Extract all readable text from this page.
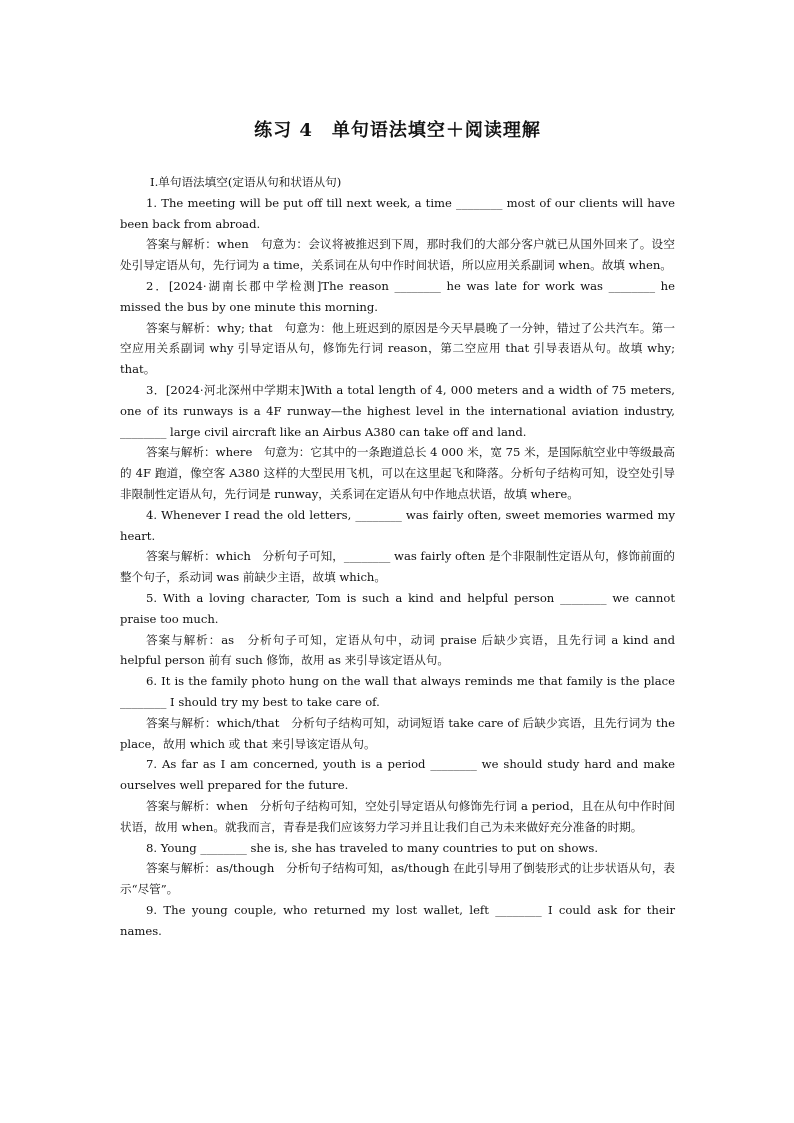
练习 4　单句语法填空＋阅读理解
Ⅰ.单句语法填空(定语从句和状语从句)
1. The meeting will be put off till next week, a time ________ most of our clients will have been back from abroad.
答案与解析：when　句意为：会议将被推迟到下周，那时我们的大部分客户就已从国外回来了。设空处引导定语从句，先行词为 a time，关系词在从句中作时间状语，所以应用关系副词 when。故填 when。
2．[2024·湖南长郡中学检测]The reason ________ he was late for work was ________ he missed the bus by one minute this morning.
答案与解析：why; that　句意为：他上班迟到的原因是今天早晨晚了一分钟，错过了公共汽车。第一空应用关系副词 why 引导定语从句，修饰先行词 reason，第二空应用 that 引导表语从句。故填 why; that。
3．[2024·河北深州中学期末]With a total length of 4, 000 meters and a width of 75 meters, one of its runways is a 4F runway—the highest level in the international aviation industry, ________ large civil aircraft like an Airbus A380 can take off and land.
答案与解析：where　句意为：它其中的一条跑道总长 4 000 米，宽 75 米，是国际航空业中等级最高的 4F 跑道，像空客 A380 这样的大型民用飞机，可以在这里起飞和降落。分析句子结构可知，设空处引导非限制性定语从句，先行词是 runway，关系词在定语从句中作地点状语，故填 where。
4. Whenever I read the old letters, ________ was fairly often, sweet memories warmed my heart.
答案与解析：which　分析句子可知，________ was fairly often 是个非限制性定语从句，修饰前面的整个句子，系动词 was 前缺少主语，故填 which。
5. With a loving character, Tom is such a kind and helpful person ________ we cannot praise too much.
答案与解析：as　分析句子可知，定语从句中，动词 praise 后缺少宾语，且先行词 a kind and helpful person 前有 such 修饰，故用 as 来引导该定语从句。
6. It is the family photo hung on the wall that always reminds me that family is the place ________ I should try my best to take care of.
答案与解析：which/that　分析句子结构可知，动词短语 take care of 后缺少宾语，且先行词为 the place，故用 which 或 that 来引导该定语从句。
7. As far as I am concerned, youth is a period ________ we should study hard and make ourselves well prepared for the future.
答案与解析：when　分析句子结构可知，空处引导定语从句修饰先行词 a period，且在从句中作时间状语，故用 when。就我而言，青春是我们应该努力学习并且让我们自己为未来做好充分准备的时期。
8. Young ________ she is, she has traveled to many countries to put on shows.
答案与解析：as/though　分析句子结构可知，as/though 在此引导用了倒装形式的让步状语从句，表示“尽管”。
9. The young couple, who returned my lost wallet, left ________ I could ask for their names.
